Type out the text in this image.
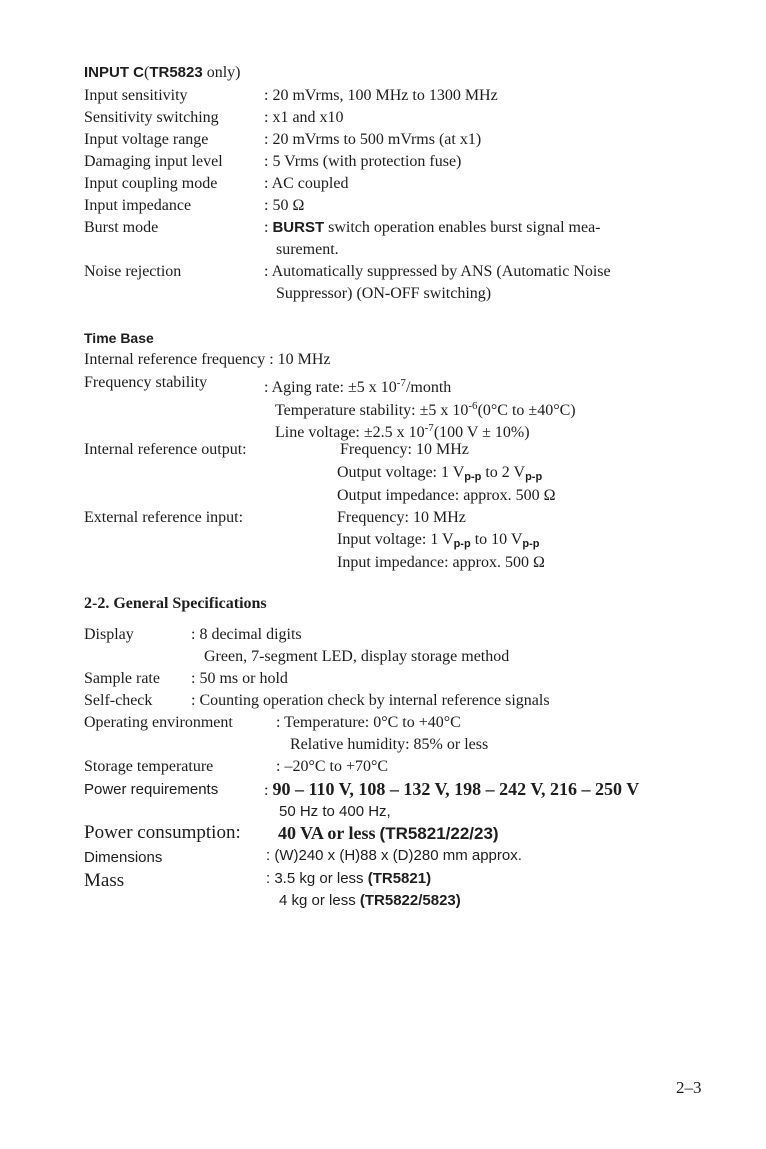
INPUT C(TR5823 only)
Input sensitivity	: 20 mVrms, 100 MHz to 1300 MHz
Sensitivity switching	: x1 and x10
Input voltage range	: 20 mVrms to 500 mVrms (at x1)
Damaging input level	: 5 Vrms (with protection fuse)
Input coupling mode	: AC coupled
Input impedance	: 50 Ω
Burst mode	: BURST switch operation enables burst signal mea-
surement.
Noise rejection	: Automatically suppressed by ANS (Automatic Noise
Suppressor) (ON-OFF switching)
Time Base
Internal reference frequency : 10 MHz
Frequency stability	: Aging rate: ±5 x $10^{-7}$/month
Temperature stability: ±5 x $10^{-6}(0^\circ C$ to ±40°C)
Line voltage: ±2.5 x $10^{-7}(100$ V ± 10%)
Internal reference output:	Frequency: 10 MHz
Output voltage: 1 $V_{p-p}$ to 2 $V_{p-p}$
Output impedance: approx. 500 Ω
External reference input:	Frequency: 10 MHz
Input voltage: 1 $V_{p-p}$ to 10 $V_{p-p}$
Input impedance: approx. 500 Ω
2-2. General Specifications
Display	: 8 decimal digits
Green, 7-segment LED, display storage method
Sample rate : 50 ms or hold
Self-check : Counting operation check by internal reference signals
Operating environment	: Temperature: 0°C to +40°C
Relative humidity: 85% or less
Storage temperature	: –20°C to +70°C
Power requirements	: 90 – 110 V, 108 – 132 V, 198 – 242 V, 216 – 250 V
50 Hz to 400 Hz,
Power consumption: 40 VA or less (TR5821/22/23)
Dimensions	: (W)240 x (H)88 x (D)280 mm approx.
Mass	: 3.5 kg or less (TR5821)
4 kg or less (TR5822/5823)
2–3
